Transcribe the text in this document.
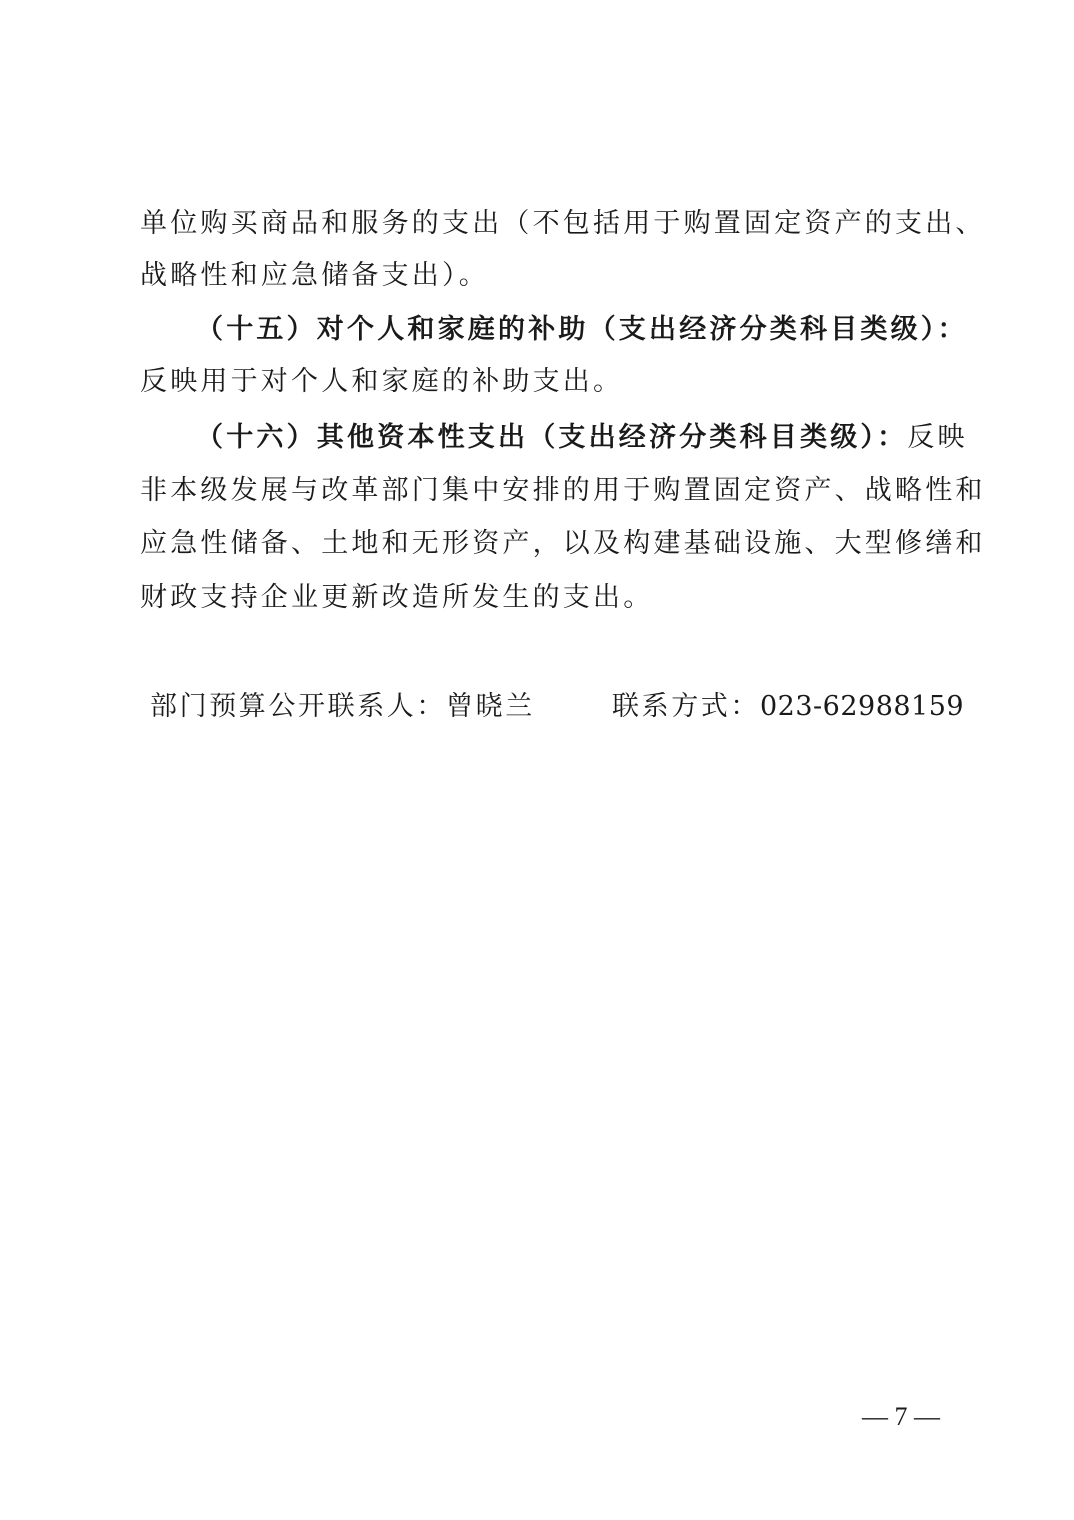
单位购买商品和服务的支出（不包括用于购置固定资产的支出、
战略性和应急储备支出）。
（十五）对个人和家庭的补助（支出经济分类科目类级）：
反映用于对个人和家庭的补助支出。
（十六）其他资本性支出（支出经济分类科目类级）：反映
非本级发展与改革部门集中安排的用于购置固定资产、战略性和
应急性储备、土地和无形资产，以及构建基础设施、大型修缮和
财政支持企业更新改造所发生的支出。
部门预算公开联系人：曾晓兰	联系方式：023-62988159
— 7 —
